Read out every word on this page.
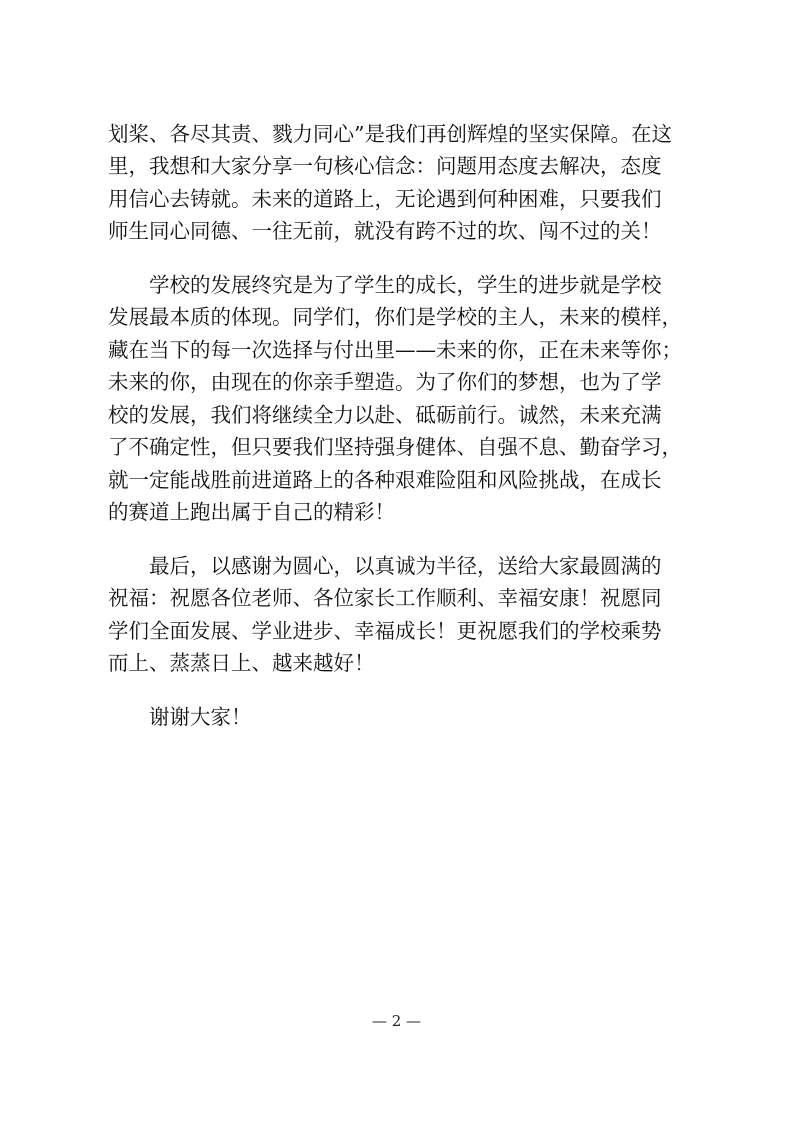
划桨、各尽其责、戮力同心”是我们再创辉煌的坚实保障。在这
里，我想和大家分享一句核心信念：问题用态度去解决，态度
用信心去铸就。未来的道路上，无论遇到何种困难，只要我们
师生同心同德、一往无前，就没有跨不过的坎、闯不过的关！
学校的发展终究是为了学生的成长，学生的进步就是学校
发展最本质的体现。同学们，你们是学校的主人，未来的模样，
藏在当下的每一次选择与付出里——未来的你，正在未来等你；
未来的你，由现在的你亲手塑造。为了你们的梦想，也为了学
校的发展，我们将继续全力以赴、砥砺前行。诚然，未来充满
了不确定性，但只要我们坚持强身健体、自强不息、勤奋学习，
就一定能战胜前进道路上的各种艰难险阻和风险挑战，在成长
的赛道上跑出属于自己的精彩！
最后，以感谢为圆心，以真诚为半径，送给大家最圆满的
祝福：祝愿各位老师、各位家长工作顺利、幸福安康！祝愿同
学们全面发展、学业进步、幸福成长！更祝愿我们的学校乘势
而上、蒸蒸日上、越来越好！
谢谢大家！
— 2 —
